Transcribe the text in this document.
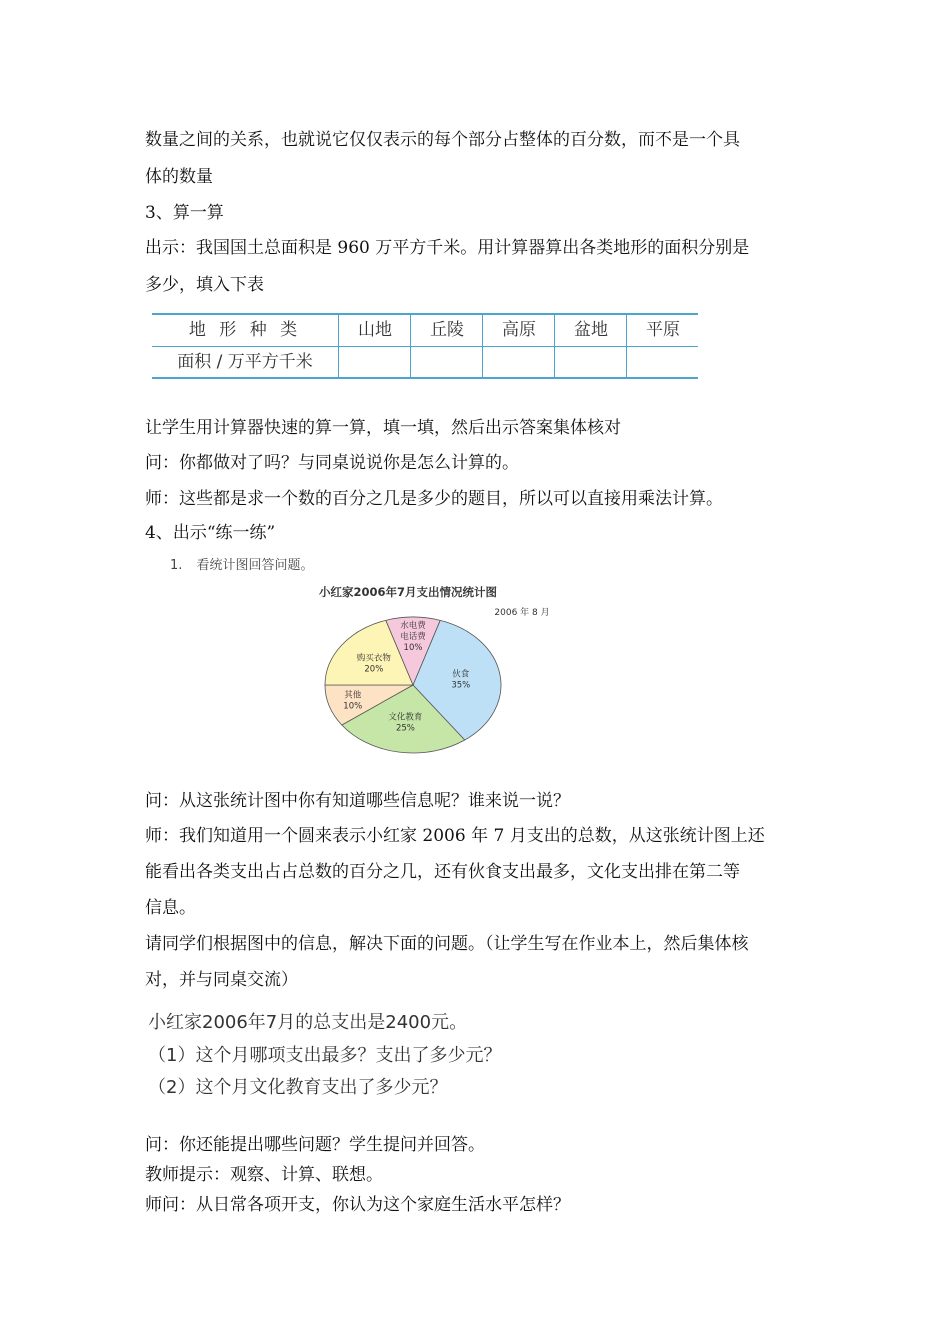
数量之间的关系，也就说它仅仅表示的每个部分占整体的百分数，而不是一个具
体的数量
3、算一算
出示：我国国土总面积是 960 万平方千米。用计算器算出各类地形的面积分别是
多少，填入下表
地 形 种 类	山地	丘陵	高原	盆地	平原
面积 / 万平方千米
让学生用计算器快速的算一算，填一填，然后出示答案集体核对
问：你都做对了吗？与同桌说说你是怎么计算的。
师：这些都是求一个数的百分之几是多少的题目，所以可以直接用乘法计算。
4、出示“练一练”
1. 看统计图回答问题。
小红家2006年7月支出情况统计图
2006 年 8 月
伙食
35%
文化教育
25%
其他
10%
购买衣物
20%
水电费
电话费
10%
问：从这张统计图中你有知道哪些信息呢？谁来说一说？
师：我们知道用一个圆来表示小红家 2006 年 7 月支出的总数，从这张统计图上还
能看出各类支出占占总数的百分之几，还有伙食支出最多，文化支出排在第二等
信息。
请同学们根据图中的信息，解决下面的问题。（让学生写在作业本上，然后集体核
对，并与同桌交流）
小红家2006年7月的总支出是2400元。
（1）这个月哪项支出最多？支出了多少元？
（2）这个月文化教育支出了多少元？
问：你还能提出哪些问题？学生提问并回答。
教师提示：观察、计算、联想。
师问：从日常各项开支，你认为这个家庭生活水平怎样？
